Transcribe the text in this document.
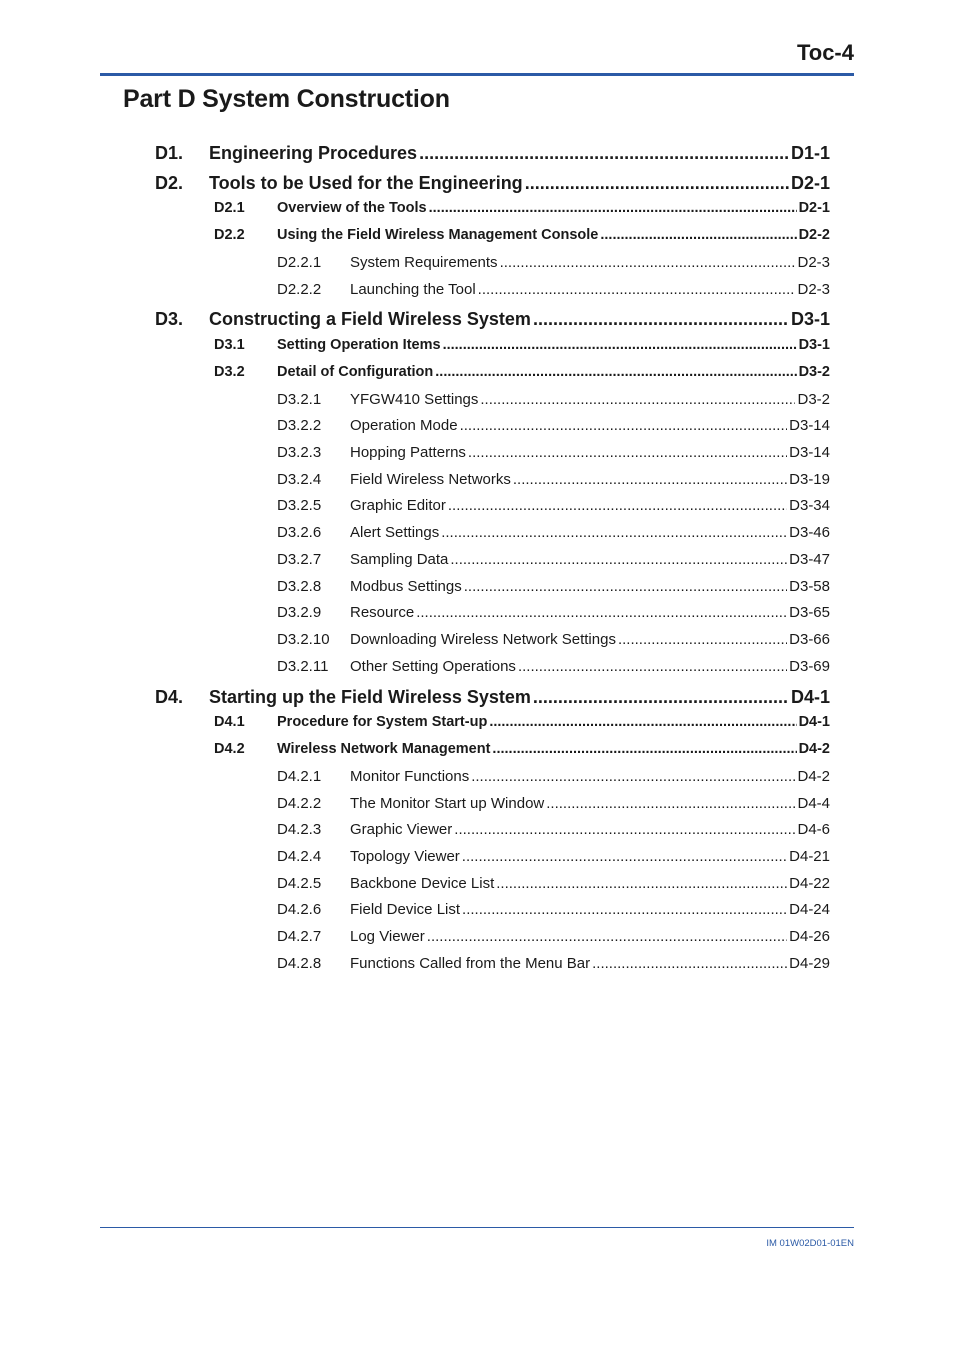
Toc-4
Part D System Construction
D1. Engineering Procedures .....	D1-1
D2. Tools to be Used for the Engineering .....	D2-1
D2.1 Overview of the Tools .....	D2-1
D2.2 Using the Field Wireless Management Console .....	D2-2
D2.2.1 System Requirements .....	D2-3
D2.2.2 Launching the Tool .....	D2-3
D3. Constructing a Field Wireless System .....	D3-1
D3.1 Setting Operation Items .....	D3-1
D3.2 Detail of Configuration .....	D3-2
D3.2.1 YFGW410 Settings .....	D3-2
D3.2.2 Operation Mode .....	D3-14
D3.2.3 Hopping Patterns .....	D3-14
D3.2.4 Field Wireless Networks .....	D3-19
D3.2.5 Graphic Editor .....	D3-34
D3.2.6 Alert Settings .....	D3-46
D3.2.7 Sampling Data .....	D3-47
D3.2.8 Modbus Settings .....	D3-58
D3.2.9 Resource .....	D3-65
D3.2.10 Downloading Wireless Network Settings .....	D3-66
D3.2.11 Other Setting Operations .....	D3-69
D4. Starting up the Field Wireless System .....	D4-1
D4.1 Procedure for System Start-up .....	D4-1
D4.2 Wireless Network Management .....	D4-2
D4.2.1 Monitor Functions .....	D4-2
D4.2.2 The Monitor Start up Window .....	D4-4
D4.2.3 Graphic Viewer .....	D4-6
D4.2.4 Topology Viewer .....	D4-21
D4.2.5 Backbone Device List .....	D4-22
D4.2.6 Field Device List .....	D4-24
D4.2.7 Log Viewer .....	D4-26
D4.2.8 Functions Called from the Menu Bar .....	D4-29
IM 01W02D01-01EN
